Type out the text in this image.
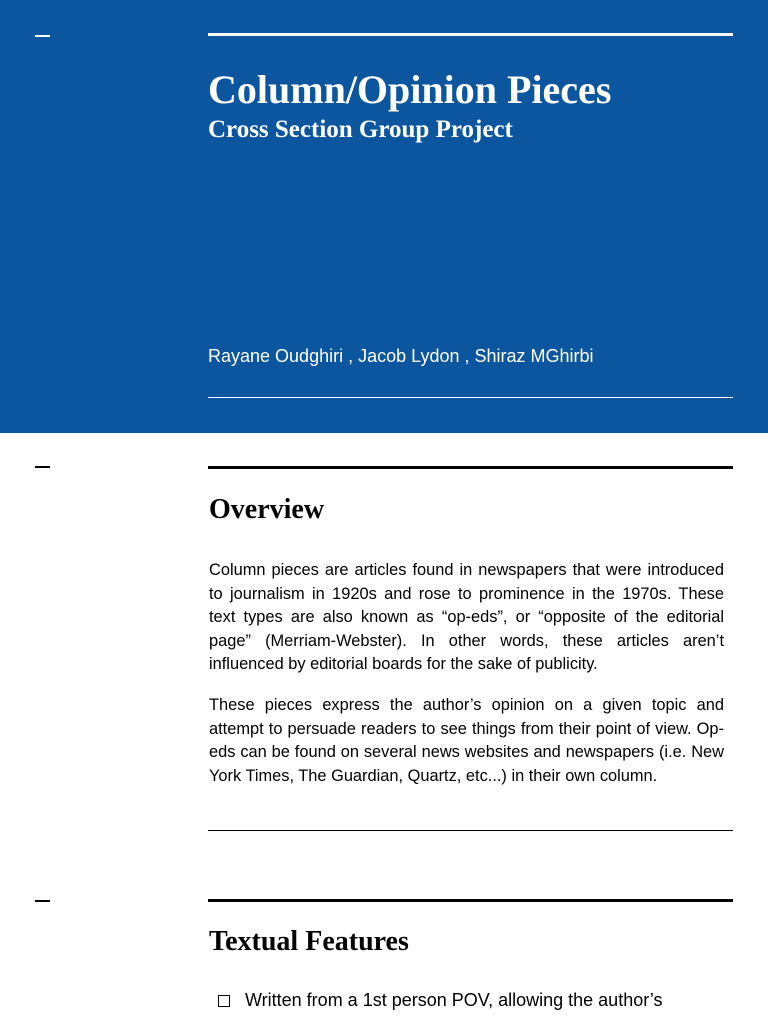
Column/Opinion Pieces
Cross Section Group Project
Rayane Oudghiri , Jacob Lydon , Shiraz MGhirbi
Overview

Column pieces are articles found in newspapers that were introduced to journalism in 1920s and rose to prominence in the 1970s. These text types are also known as “op-eds”, or “opposite of the editorial page” (Merriam-Webster). In other words, these articles aren’t influenced by editorial boards for the sake of publicity.

These pieces express the author’s opinion on a given topic and attempt to persuade readers to see things from their point of view. Op-eds can be found on several news websites and newspapers (i.e. New York Times, The Guardian, Quartz, etc...) in their own column.

Textual Features
Written from a 1st person POV, allowing the author’s
